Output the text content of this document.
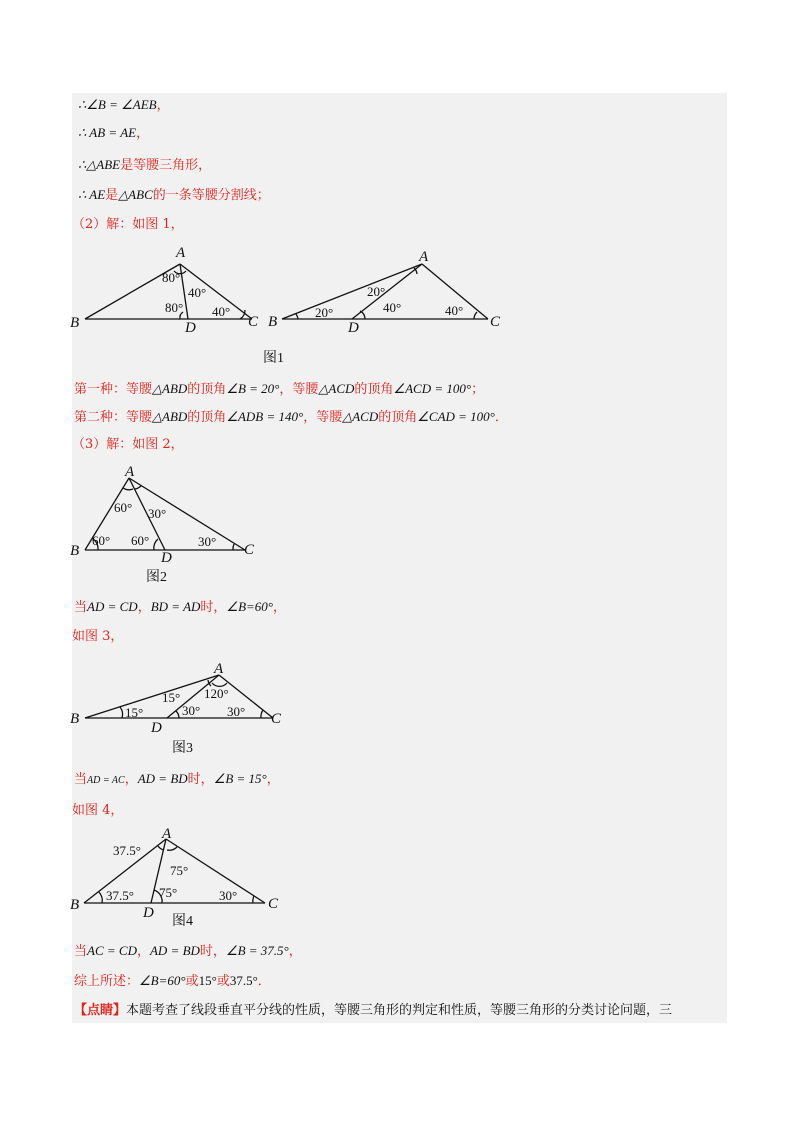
∴∠B = ∠AEB，
∴ AB = AE，
∴△ABE是等腰三角形，
∴ AE是△ABC的一条等腰分割线；
（2）解：如图 1，
A
B	C
D
80°
40°
80° 40°
A
B	C
D
20°
20°	40°	40°
图1
第一种：等腰△ABD的顶角∠B = 20°，等腰△ACD的顶角∠ACD = 100°；
第二种：等腰△ABD的顶角∠ADB = 140°，等腰△ACD的顶角∠CAD = 100°．
（3）解：如图 2，
A
B	C
D
60° 30°
60° 60°	30°
图2
当AD = CD，BD = AD时，∠B=60°，
如图 3，
A
B	C
D
15° 120°
15°	30° 30°
图3
当AD = AC，AD = BD时，∠B = 15°，
如图 4，
A
B	C
D
37.5°
75°
37.5° 75°	30°
图4
当AC = CD，AD = BD时，∠B = 37.5°，
综上所述：∠B=60°或15°或37.5°．
【点睛】本题考查了线段垂直平分线的性质，等腰三角形的判定和性质，等腰三角形的分类讨论问题，三
